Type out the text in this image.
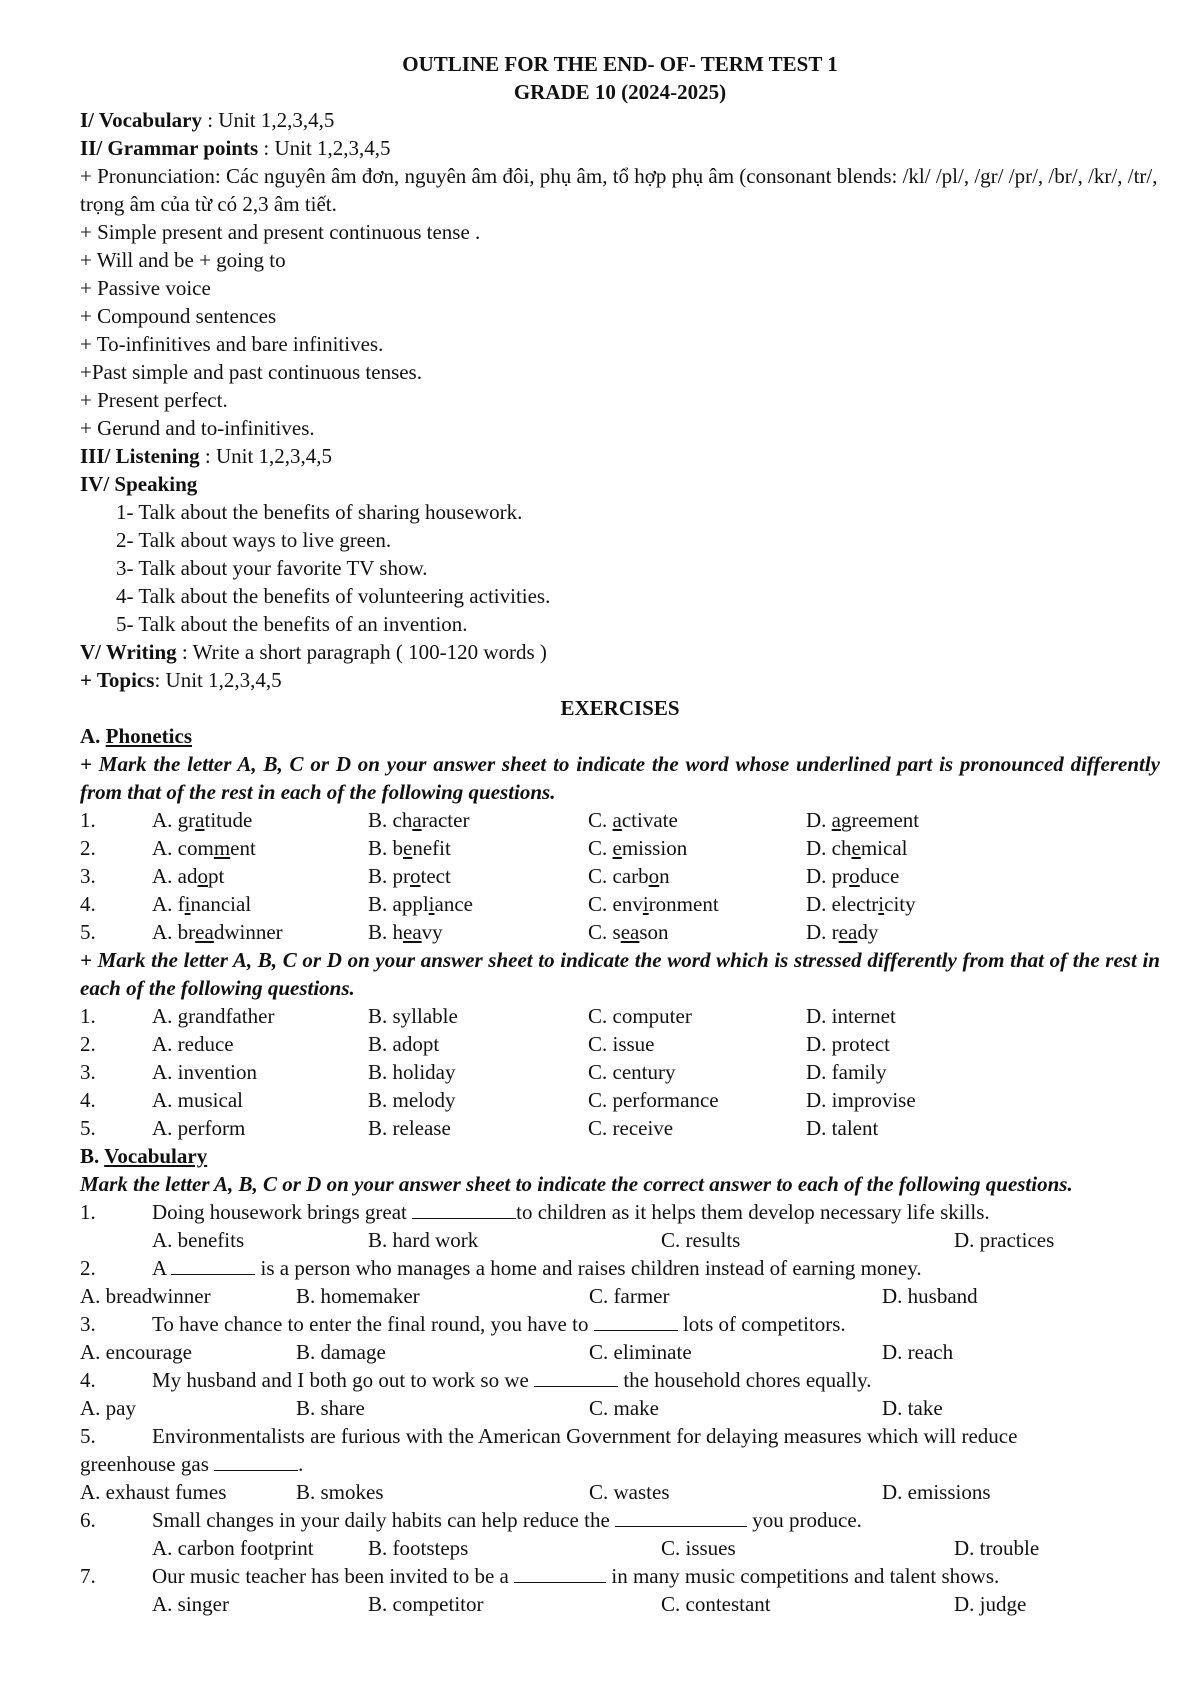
OUTLINE FOR THE END- OF- TERM TEST 1
GRADE 10 (2024-2025)
I/ Vocabulary : Unit 1,2,3,4,5
II/ Grammar points : Unit 1,2,3,4,5
+ Pronunciation: Các nguyên âm đơn, nguyên âm đôi, phụ âm, tổ hợp phụ âm (consonant blends: /kl/ /pl/, /gr/ /pr/, /br/, /kr/, /tr/, trọng âm của từ có 2,3 âm tiết.
+ Simple present and present continuous tense .
+ Will and be + going to
+ Passive voice
+ Compound sentences
+ To-infinitives and bare infinitives.
+Past simple and past continuous tenses.
+ Present perfect.
+ Gerund and to-infinitives.
III/ Listening : Unit 1,2,3,4,5
IV/ Speaking
1- Talk about the benefits of sharing housework.
2- Talk about ways to live green.
3- Talk about your favorite TV show.
4- Talk about the benefits of volunteering activities.
5- Talk about the benefits of an invention.
V/ Writing : Write a short paragraph ( 100-120 words )
+ Topics: Unit 1,2,3,4,5
EXERCISES
A. Phonetics
+ Mark the letter A, B, C or D on your answer sheet to indicate the word whose underlined part is pronounced differently from that of the rest in each of the following questions.
1.	A. gratitude	B. character	C. activate	D. agreement
2.	A. comment	B. benefit	C. emission	D. chemical
3.	A. adopt	B. protect	C. carbon	D. produce
4.	A. financial	B. appliance	C. environment	D. electricity
5.	A. breadwinner	B. heavy	C. season	D. ready
+ Mark the letter A, B, C or D on your answer sheet to indicate the word which is stressed differently from that of the rest in each of the following questions.
1.	A. grandfather	B. syllable	C. computer	D. internet
2.	A. reduce	B. adopt	C. issue	D. protect
3.	A. invention	B. holiday	C. century	D. family
4.	A. musical	B. melody	C. performance	D. improvise
5.	A. perform	B. release	C. receive	D. talent
B. Vocabulary
Mark the letter A, B, C or D on your answer sheet to indicate the correct answer to each of the following questions.
1.	Doing housework brings great	to children as it helps them develop necessary life skills.
A. benefits	B. hard work	C. results	D. practices
2.	A	is a person who manages a home and raises children instead of earning money.
A. breadwinner	B. homemaker	C. farmer	D. husband
3.	To have chance to enter the final round, you have to	lots of competitors.
A. encourage	B. damage	C. eliminate	D. reach
4.	My husband and I both go out to work so we	the household chores equally.
A. pay	B. share	C. make	D. take
5.	Environmentalists are furious with the American Government for delaying measures which will reduce
greenhouse gas	.
A. exhaust fumes	B. smokes	C. wastes	D. emissions
6.	Small changes in your daily habits can help reduce the	you produce.
A. carbon footprint	B. footsteps	C. issues	D. trouble
7.	Our music teacher has been invited to be a	in many music competitions and talent shows.
A. singer	B. competitor	C. contestant	D. judge
